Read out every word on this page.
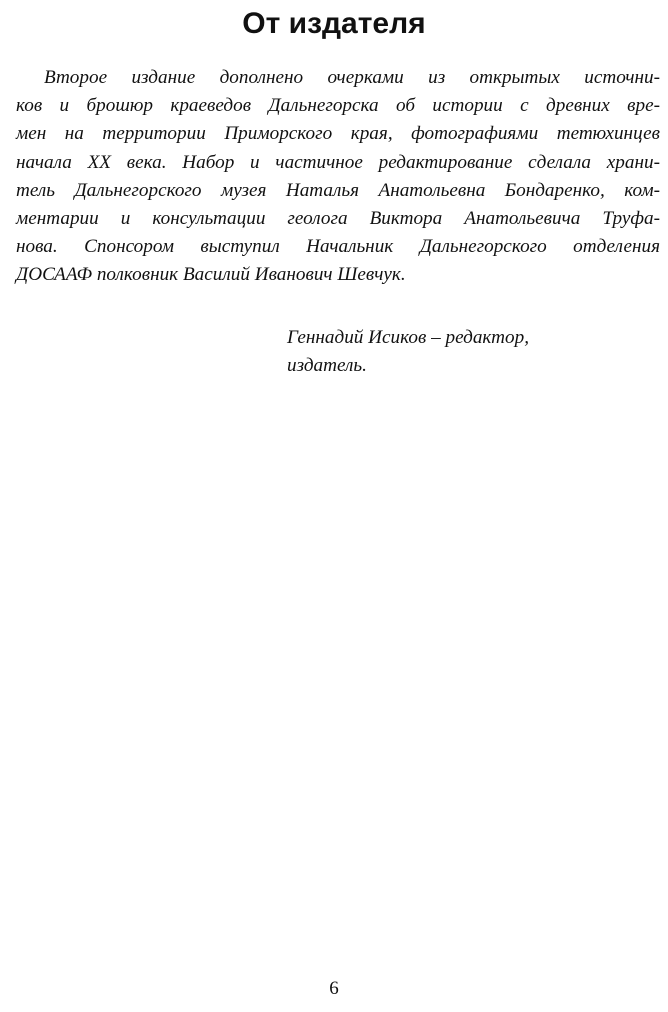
От издателя
Второе издание дополнено очерками из открытых источни-
ков и брошюр краеведов Дальнегорска об истории с древних вре-
мен на территории Приморского края, фотографиями тетюхинцев
начала XX века. Набор и частичное редактирование сделала храни-
тель Дальнегорского музея Наталья Анатольевна Бондаренко, ком-
ментарии и консультации геолога Виктора Анатольевича Труфа-
нова. Спонсором выступил Начальник Дальнегорского отделения
ДОСААФ полковник Василий Иванович Шевчук.
Геннадий Исиков – редактор,
издатель.
6
